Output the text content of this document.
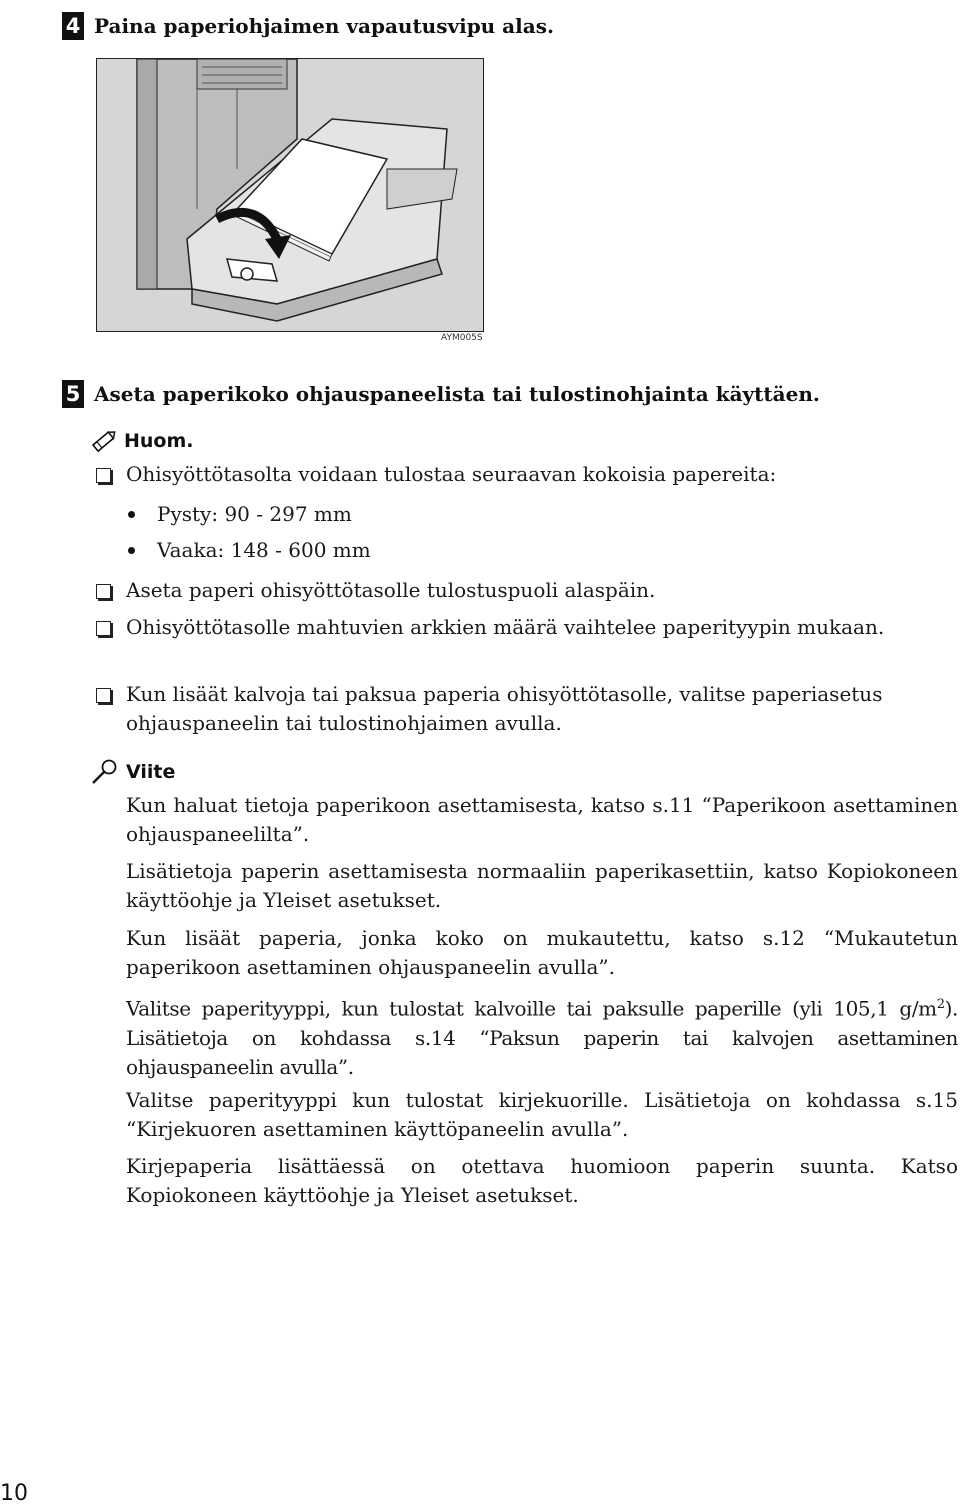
4 Paina paperiohjaimen vapautusvipu alas.
AYM005S
5 Aseta paperikoko ohjauspaneelista tai tulostinohjainta käyttäen.
Huom.
Ohisyöttötasolta voidaan tulostaa seuraavan kokoisia papereita:
Pysty: 90 - 297 mm
Vaaka: 148 - 600 mm
Aseta paperi ohisyöttötasolle tulostuspuoli alaspäin.
Ohisyöttötasolle mahtuvien arkkien määrä vaihtelee paperityypin mukaan.
Kun lisäät kalvoja tai paksua paperia ohisyöttötasolle, valitse paperiasetus ohjauspaneelin tai tulostinohjaimen avulla.
Viite
Kun haluat tietoja paperikoon asettamisesta, katso s.11 “Paperikoon asettaminen ohjauspaneelilta”.
Lisätietoja paperin asettamisesta normaaliin paperikasettiin, katso Kopiokoneen käyttöohje ja Yleiset asetukset.
Kun lisäät paperia, jonka koko on mukautettu, katso s.12 “Mukautetun paperikoon asettaminen ohjauspaneelin avulla”.
Valitse paperityyppi, kun tulostat kalvoille tai paksulle paperille (yli 105,1 $g/m^2$). Lisätietoja on kohdassa s.14 “Paksun paperin tai kalvojen asettaminen ohjauspaneelin avulla”.
Valitse paperityyppi kun tulostat kirjekuorille. Lisätietoja on kohdassa s.15 “Kirjekuoren asettaminen käyttöpaneelin avulla”.
Kirjepaperia lisättäessä on otettava huomioon paperin suunta. Katso Kopiokoneen käyttöohje ja Yleiset asetukset.
10
